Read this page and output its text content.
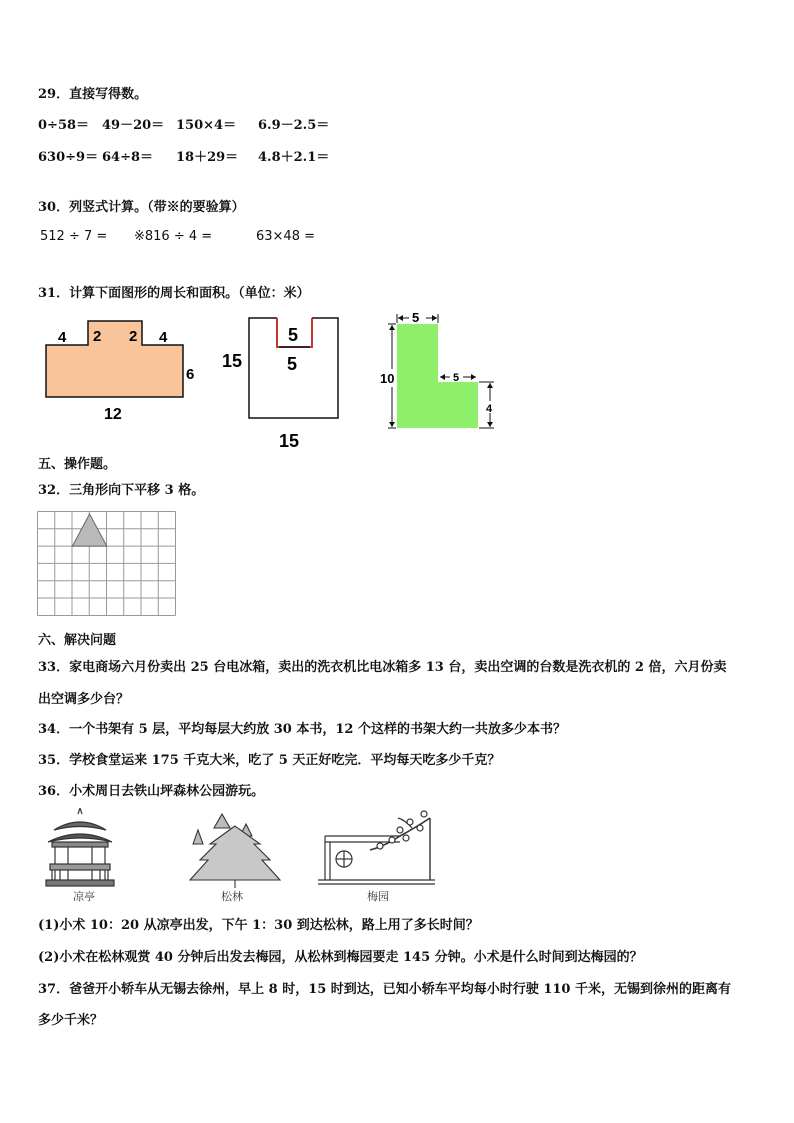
29．直接写得数。
0÷58＝ 49－20＝ 150×4＝ 6.9－2.5＝
630÷9＝ 64÷8＝ 18＋29＝ 4.8＋2.1＝
30．列竖式计算。（带※的要验算）
512 ÷ 7 = ※816 ÷ 4 =	63×48 =
31．计算下面图形的周长和面积。（单位：米）
4 2 2 4
6
12
5
5
15
15
5
10	5
4
五、操作题。
32．三角形向下平移 3 格。
六、解决问题
33．家电商场六月份卖出 25 台电冰箱，卖出的洗衣机比电冰箱多 13 台，卖出空调的台数是洗衣机的 2 倍，六月份卖
出空调多少台？
34．一个书架有 5 层，平均每层大约放 30 本书，12 个这样的书架大约一共放多少本书？
35．学校食堂运来 175 千克大米，吃了 5 天正好吃完．平均每天吃多少千克？
36．小术周日去铁山坪森林公园游玩。
凉亭	松林	梅园
(1)小术 10：20 从凉亭出发，下午 1：30 到达松林，路上用了多长时间？
(2)小术在松林观赏 40 分钟后出发去梅园，从松林到梅园要走 145 分钟。小术是什么时间到达梅园的？
37．爸爸开小轿车从无锡去徐州，早上 8 时，15 时到达，已知小轿车平均每小时行驶 110 千米，无锡到徐州的距离有
多少千米？
